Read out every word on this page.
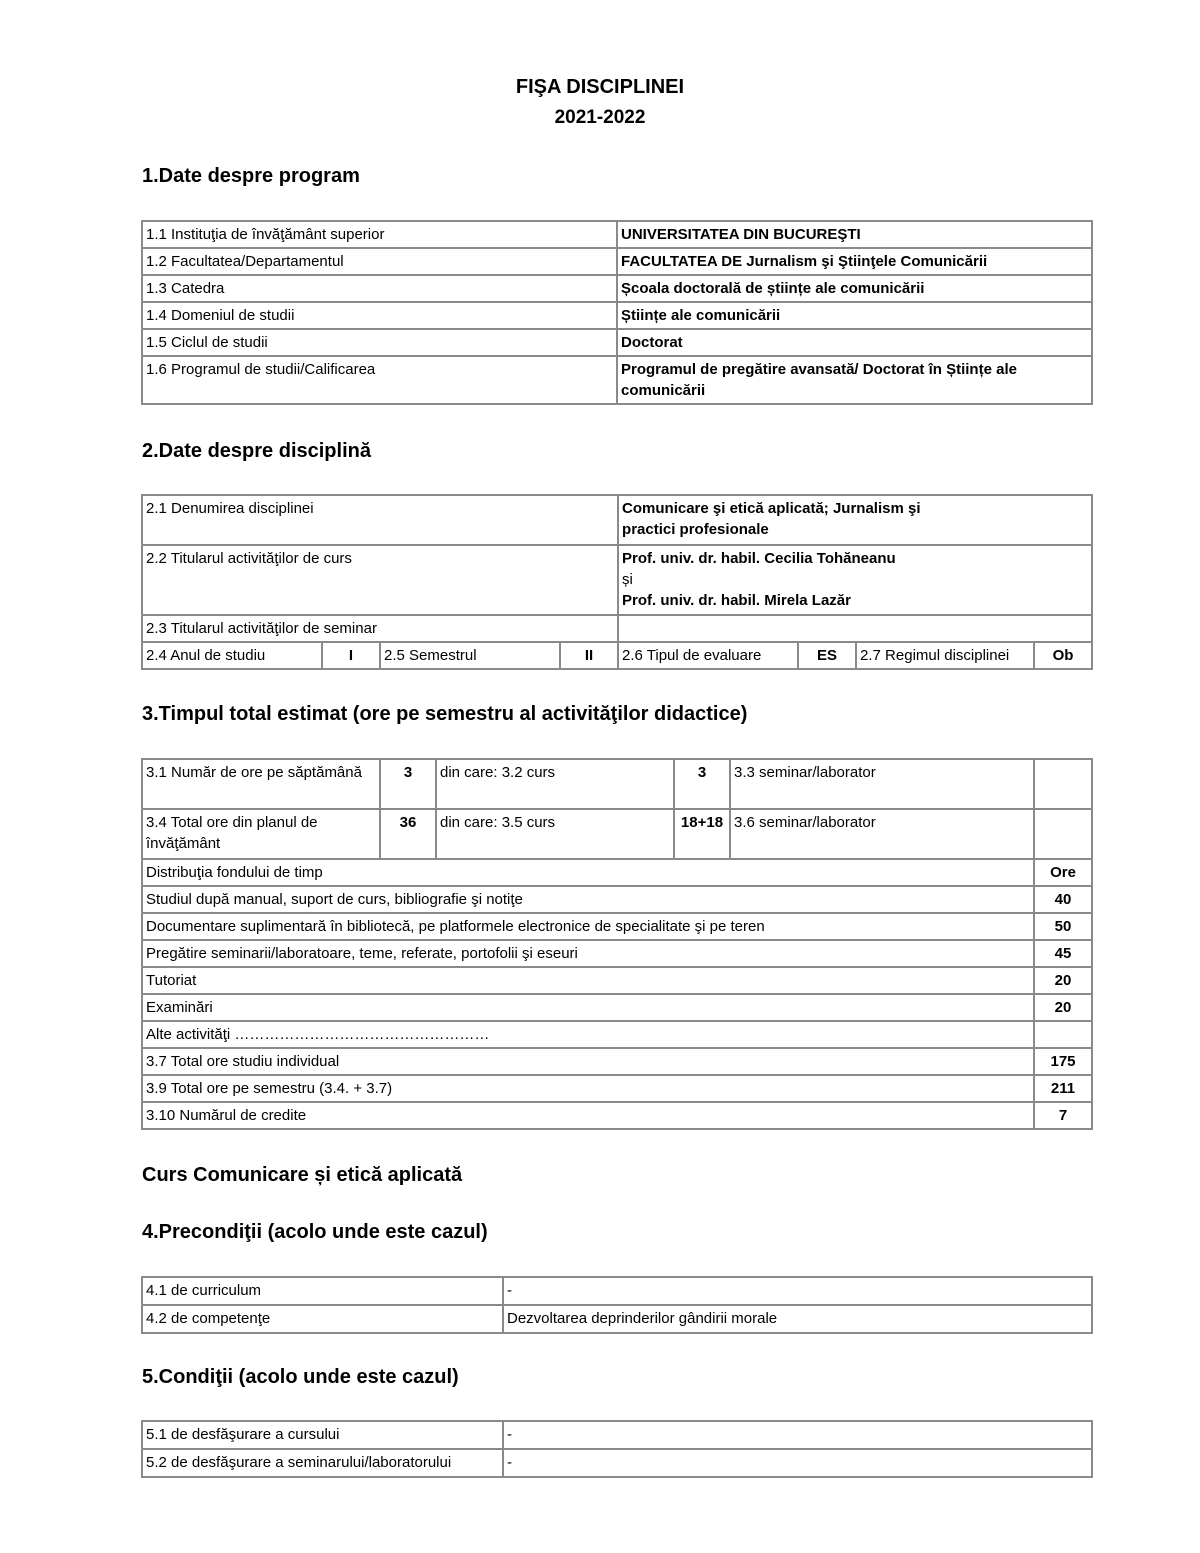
FIŞA DISCIPLINEI
2021-2022
1.Date despre program
1.1 Instituţia de învăţământ superior	UNIVERSITATEA DIN BUCUREŞTI
1.2 Facultatea/Departamentul	FACULTATEA DE Jurnalism şi Ştiinţele Comunicării
1.3 Catedra	Școala doctorală de științe ale comunicării
1.4 Domeniul de studii	Științe ale comunicării
1.5 Ciclul de studii	Doctorat
1.6 Programul de studii/Calificarea	Programul de pregătire avansată/ Doctorat în Științe ale comunicării
2.Date despre disciplină
2.1 Denumirea disciplinei				Comunicare şi etică aplicată; Jurnalism şi
practici profesionale			

2.2 Titularul activităţilor de curs				Prof. univ. dr. habil. Cecilia Tohăneanu
și
Prof. univ. dr. habil. Mirela Lazăr			

2.3 Titularul activităţilor de seminar							
2.4 Anul de studiu	I	2.5 Semestrul	II	2.6 Tipul de evaluare	ES	2.7 Regimul disciplinei	Ob
3.Timpul total estimat (ore pe semestru al activităţilor didactice)
3.1 Număr de ore pe săptămână	3	din care: 3.2 curs	3	3.3 seminar/laborator	
3.4 Total ore din planul de învăţământ	36	din care: 3.5 curs	18+18	3.6 seminar/laborator	
Distribuţia fondului de timp					Ore
Studiul după manual, suport de curs, bibliografie şi notiţe					40
Documentare suplimentară în bibliotecă, pe platformele electronice de specialitate şi pe teren					50
Pregătire seminarii/laboratoare, teme, referate, portofolii şi eseuri					45
Tutoriat					20
Examinări					20
Alte activităţi ……………………………………………					
3.7 Total ore studiu individual					175
3.9 Total ore pe semestru (3.4. + 3.7)					211
3.10 Numărul de credite					7
Curs Comunicare și etică aplicată
4.Precondiţii (acolo unde este cazul)
4.1 de curriculum	-
4.2 de competenţe	Dezvoltarea deprinderilor gândirii morale
5.Condiţii (acolo unde este cazul)
5.1 de desfăşurare a cursului	-
5.2 de desfăşurare a seminarului/laboratorului	-
